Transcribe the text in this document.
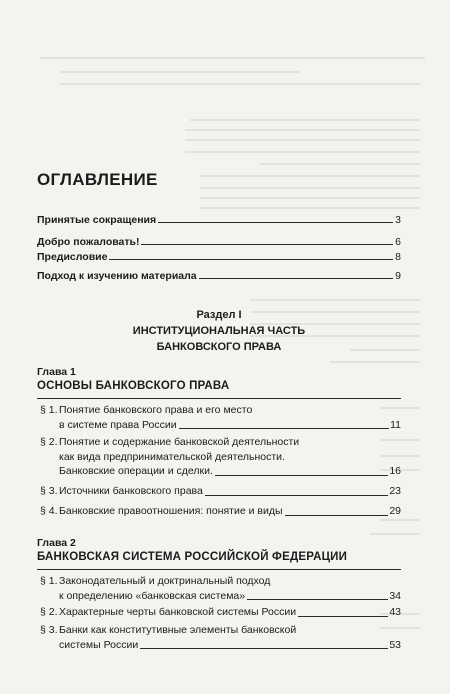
ОГЛАВЛЕНИЕ
Принятые сокращения	3
Добро пожаловать!	6
Предисловие	8
Подход к изучению материала	9
Раздел I
ИНСТИТУЦИОНАЛЬНАЯ ЧАСТЬ
БАНКОВСКОГО ПРАВА
Глава 1
ОСНОВЫ БАНКОВСКОГО ПРАВА
§ 1. Понятие банковского права и его место
в системе права России	11
§ 2. Понятие и содержание банковской деятельности
как вида предпринимательской деятельности.
Банковские операции и сделки.	16
§ 3. Источники банковского права	23
§ 4. Банковские правоотношения: понятие и виды	29
Глава 2
БАНКОВСКАЯ СИСТЕМА РОССИЙСКОЙ ФЕДЕРАЦИИ
§ 1. Законодательный и доктринальный подход
к определению «банковская система»	34
§ 2. Характерные черты банковской системы России	43
§ 3. Банки как конститутивные элементы банковской
системы России	53
